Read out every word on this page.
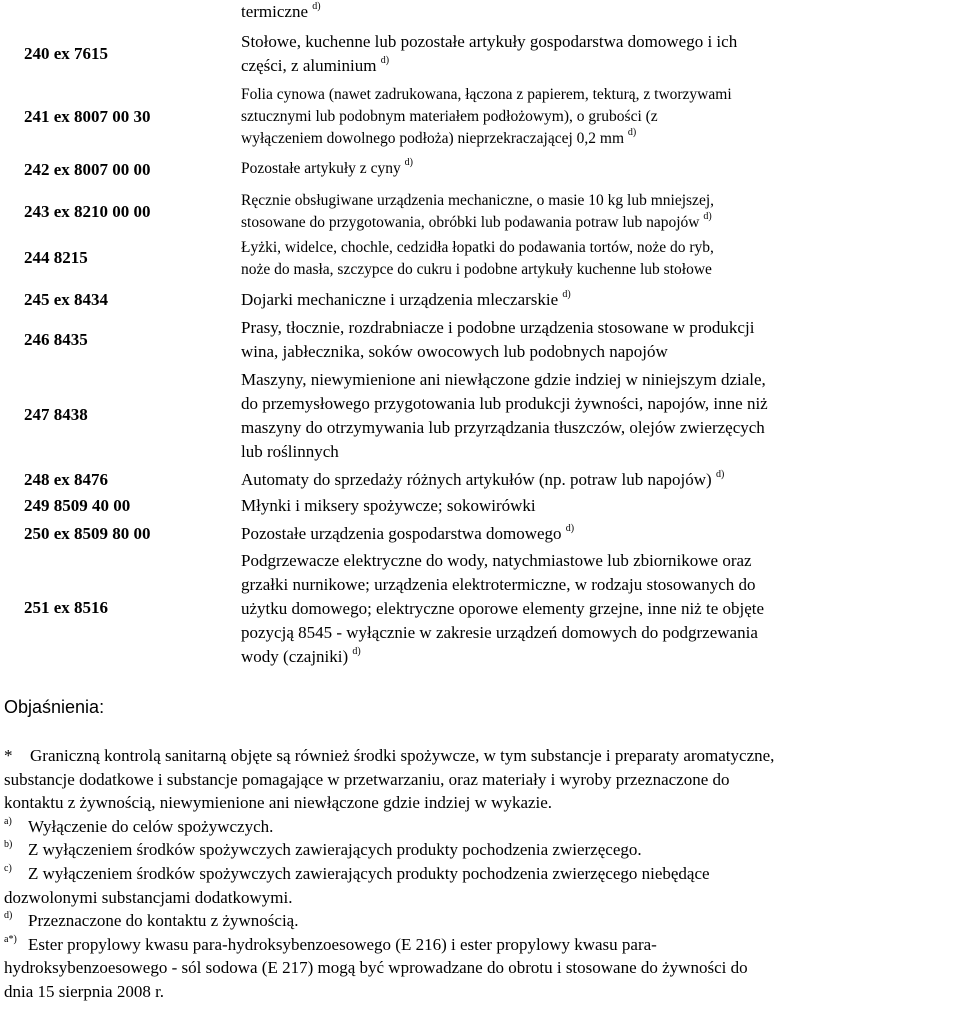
termiczne $^{d)}$
240 ex 7615
Stołowe, kuchenne lub pozostałe artykuły gospodarstwa domowego i ich
części, z aluminium $^{d)}$
241 ex 8007 00 30
Folia cynowa (nawet zadrukowana, łączona z papierem, tekturą, z tworzywami
sztucznymi lub podobnym materiałem podłożowym), o grubości (z
wyłączeniem dowolnego podłoża) nieprzekraczającej 0,2 mm $^{d)}$
242 ex 8007 00 00	Pozostałe artykuły z cyny $^{d)}$
243 ex 8210 00 00
Ręcznie obsługiwane urządzenia mechaniczne, o masie 10 kg lub mniejszej,
stosowane do przygotowania, obróbki lub podawania potraw lub napojów $^{d)}$
244 8215
Łyżki, widelce, chochle, cedzidła łopatki do podawania tortów, noże do ryb,
noże do masła, szczypce do cukru i podobne artykuły kuchenne lub stołowe
245 ex 8434	Dojarki mechaniczne i urządzenia mleczarskie $^{d)}$
246 8435
Prasy, tłocznie, rozdrabniacze i podobne urządzenia stosowane w produkcji
wina, jabłecznika, soków owocowych lub podobnych napojów
247 8438
Maszyny, niewymienione ani niewłączone gdzie indziej w niniejszym dziale,
do przemysłowego przygotowania lub produkcji żywności, napojów, inne niż
maszyny do otrzymywania lub przyrządzania tłuszczów, olejów zwierzęcych
lub roślinnych
248 ex 8476	Automaty do sprzedaży różnych artykułów (np. potraw lub napojów) $^{d)}$
249 8509 40 00	Młynki i miksery spożywcze; sokowirówki
250 ex 8509 80 00	Pozostałe urządzenia gospodarstwa domowego $^{d)}$
251 ex 8516
Podgrzewacze elektryczne do wody, natychmiastowe lub zbiornikowe oraz
grzałki nurnikowe; urządzenia elektrotermiczne, w rodzaju stosowanych do
użytku domowego; elektryczne oporowe elementy grzejne, inne niż te objęte
pozycją 8545 - wyłącznie w zakresie urządzeń domowych do podgrzewania
wody (czajniki) $^{d)}$
Objaśnienia:
* Graniczną kontrolą sanitarną objęte są również środki spożywcze, w tym substancje i preparaty aromatyczne,
substancje dodatkowe i substancje pomagające w przetwarzaniu, oraz materiały i wyroby przeznaczone do
kontaktu z żywnością, niewymienione ani niewłączone gdzie indziej w wykazie.
a) Wyłączenie do celów spożywczych.
b) Z wyłączeniem środków spożywczych zawierających produkty pochodzenia zwierzęcego.
c) Z wyłączeniem środków spożywczych zawierających produkty pochodzenia zwierzęcego niebędące
dozwolonymi substancjami dodatkowymi.
d) Przeznaczone do kontaktu z żywnością.
a*) Ester propylowy kwasu para-hydroksybenzoesowego (E 216) i ester propylowy kwasu para-
hydroksybenzoesowego - sól sodowa (E 217) mogą być wprowadzane do obrotu i stosowane do żywności do
dnia 15 sierpnia 2008 r.
